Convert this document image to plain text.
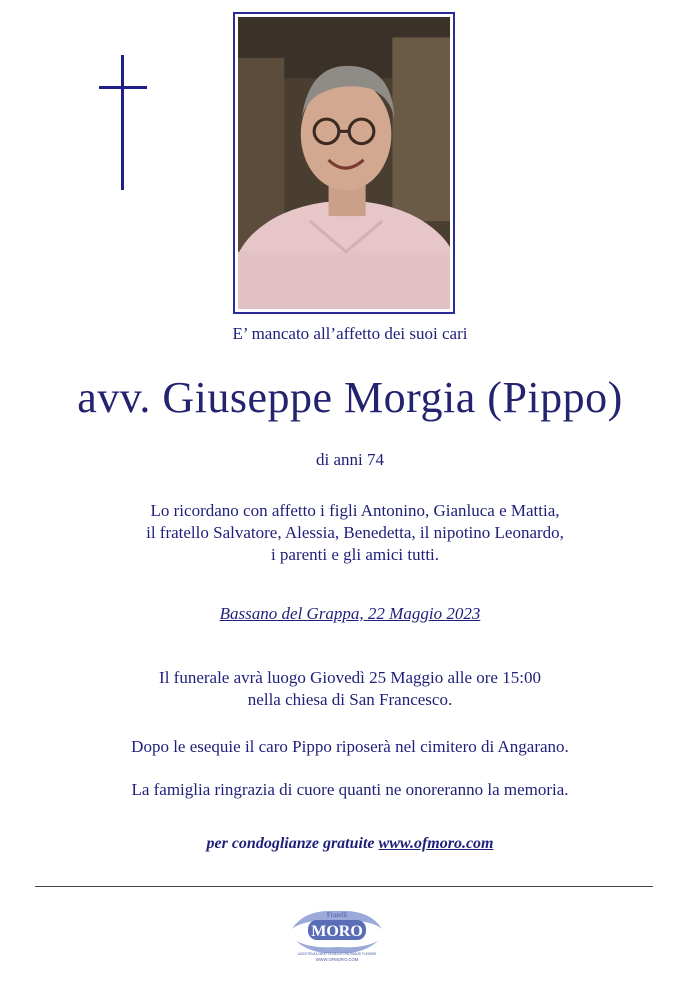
E’ mancato all’affetto dei suoi cari
avv. Giuseppe Morgia (Pippo)
di anni 74
Lo ricordano con affetto i figli Antonino, Gianluca e Mattia,
il fratello Salvatore, Alessia, Benedetta, il nipotino Leonardo,
i parenti e gli amici tutti.
Bassano del Grappa, 22 Maggio 2023
Il funerale avrà luogo Giovedì 25 Maggio alle ore 15:00
nella chiesa di San Francesco.
Dopo le esequie il caro Pippo riposerà nel cimitero di Angarano.
La famiglia ringrazia di cuore quanti ne onoreranno la memoria.
per condoglianze gratuite www.ofmoro.com
Fratelli
MORO
ASSISTENZA DIRETTA NELLE ONORANZE FUNEBRI
WWW.OFMORO.COM
